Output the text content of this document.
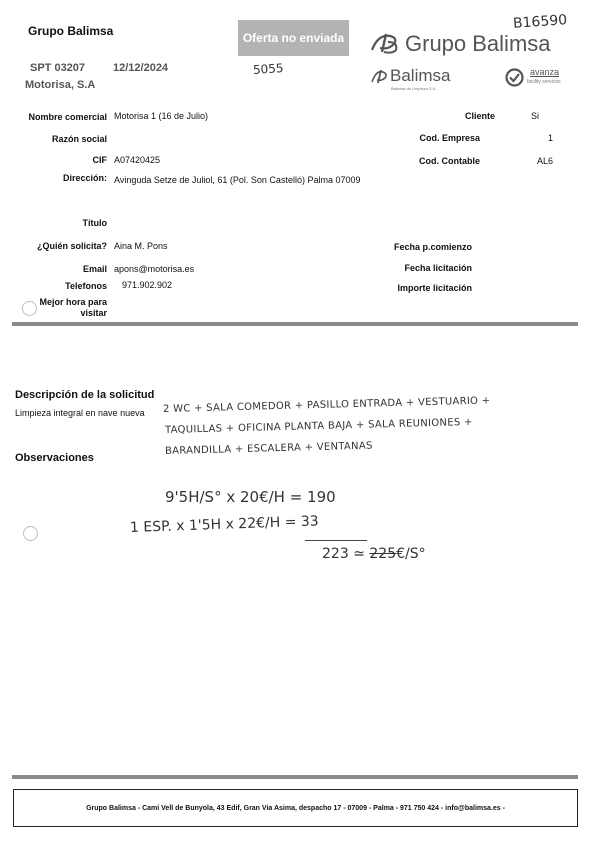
Grupo Balimsa
SPT 03207	12/12/2024
Motorisa, S.A
Oferta no enviada
5055
B16590
Grupo Balimsa
Balimsa
Balimsa de Limpieza S.A.
avanza
facility services
Nombre comercial Motorisa 1 (16 de Julio)	Cliente	Si
Razón social	Cod. Empresa	1
CIF A07420425	Cod. Contable	AL6
Dirección: Avinguda Setze de Juliol, 61 (Pol. Son Castelló) Palma 07009
Título
¿Quién solicita? Aina M. Pons	Fecha p.comienzo
Email apons@motorisa.es	Fecha licitación
Telefonos 971.902.902	Importe licitación
Mejor hora para
visitar
Descripción de la solicitud
Limpieza integral en nave nueva 2 WC + SALA COMEDOR + PASILLO ENTRADA + VESTUARIO +
TAQUILLAS + OFICINA PLANTA BAJA + SALA REUNIONES +
BARANDILLA + ESCALERA + VENTANAS
Observaciones
9'5H/S° x 20€/H = 190
1 ESP. x 1'5H x 22€/H = 33
223 ≃ 225€/S°
Grupo Balimsa - Camí Vell de Bunyola, 43 Edif, Gran Via Asima, despacho 17 - 07009 - Palma - 971 750 424 - info@balimsa.es -
